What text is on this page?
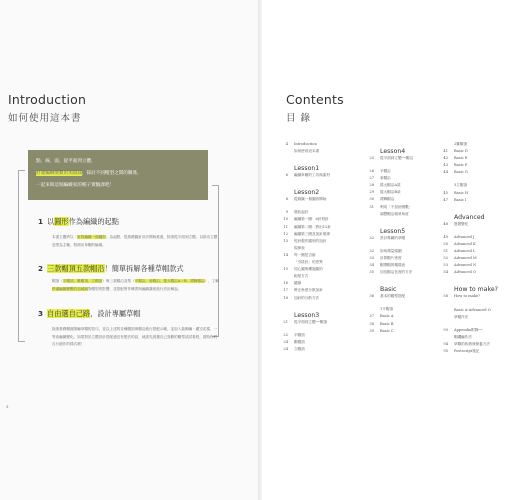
Introduction
如何使用這本書
點、線、面，從平面到立體，
舒適編織變數的加減減，探討不同帽型之間的關係，
一起來與這堀編織家的帽子實驗課吧！
1 以圓形作為編織的起點
本書主題將以「針對編織一個圓形」為起點，從基礎圓針計法開始推進，除著從平面到立體，以兩出立體造型為主軸，對照出草帽的輪廓。
2 三款帽頂五款帽沿！簡單拆解各種草帽款式
帽頂（平帽頂、錐帽頂、立帽頂）與三款帽沿造型（平帽沿、垂帽沿、捲大帽沿A＋B、褶飾帽沿），了解舒適編織變數的加減減對帽型的影響，並搭配實作練習與編織講座進行設計解說。
3 自由選自己路，設計專屬草帽
拖著基礎帽進階編草帽的技巧，並以上述的各種帽頂與帽沿進行搭配示範，並加入裝飾編・藏空花樣，一等致編織變化。如果對於立體設計搭配還沒有想法的話，就請先挑選自己喜歡的帽型試試看吧，期待你們自行創作的樣式唷！
4
Contents
目 錄
4 Introduction
如何使用這本書
Lesson1
6 編織草帽的工具與素材
Lesson2
8 從鉤織一個圓形開始
9 環狀起針
10 編織第一圈：6針短針
11 編織第二圈：將出12針
12 編織第三圈及加針規律
13 短針製作圓形的加針
規律表
14 每一圈是否維
「引拔針」的差異
15 同心圓與螺旋圓的
鉤尾方式
16 鍵線
17 辨正角度分散加針
18 加針的分散方法
Lesson3
21 從平面到立體──帽頂
22 平帽頂
24 錐帽頂
24 立帽頂
Lesson4
25 從平面到立體──帽沿
26 平帽沿
27 垂帽沿
28 捲大帽沿A款
29 捲大帽沿B款
30 褶飾帽沿
31 利用「不加針圈數」
調整帽沿傾斜角度
Lesson5
32 設計專屬的草帽
32 如何測量頭圍
33 計算帽片密度
34 帽帶帽的帽環表
35 加長帽沿長度的方法
Basic
36 基本的帽型搭配
1平帽頂
37 Basic A
38 Basic B
39 Basic C
2錐帽頂
41 Basic D
42 Basic E
43 Basic F
44 Basic G
3立帽頂
45 Basic H
47 Basic I
Advanced
48 進階變化
49 Advanced J
50 Advanced K
51 Advanced L
52 Advanced M
53 Advanced N
54 Advanced O
How to make?
56 How to make?
Basic A-Advanced O
草帽作法
93 Appendix附錄──
帽繩編作法
94 草帽的收納與保養方法
95 Postscript後記
